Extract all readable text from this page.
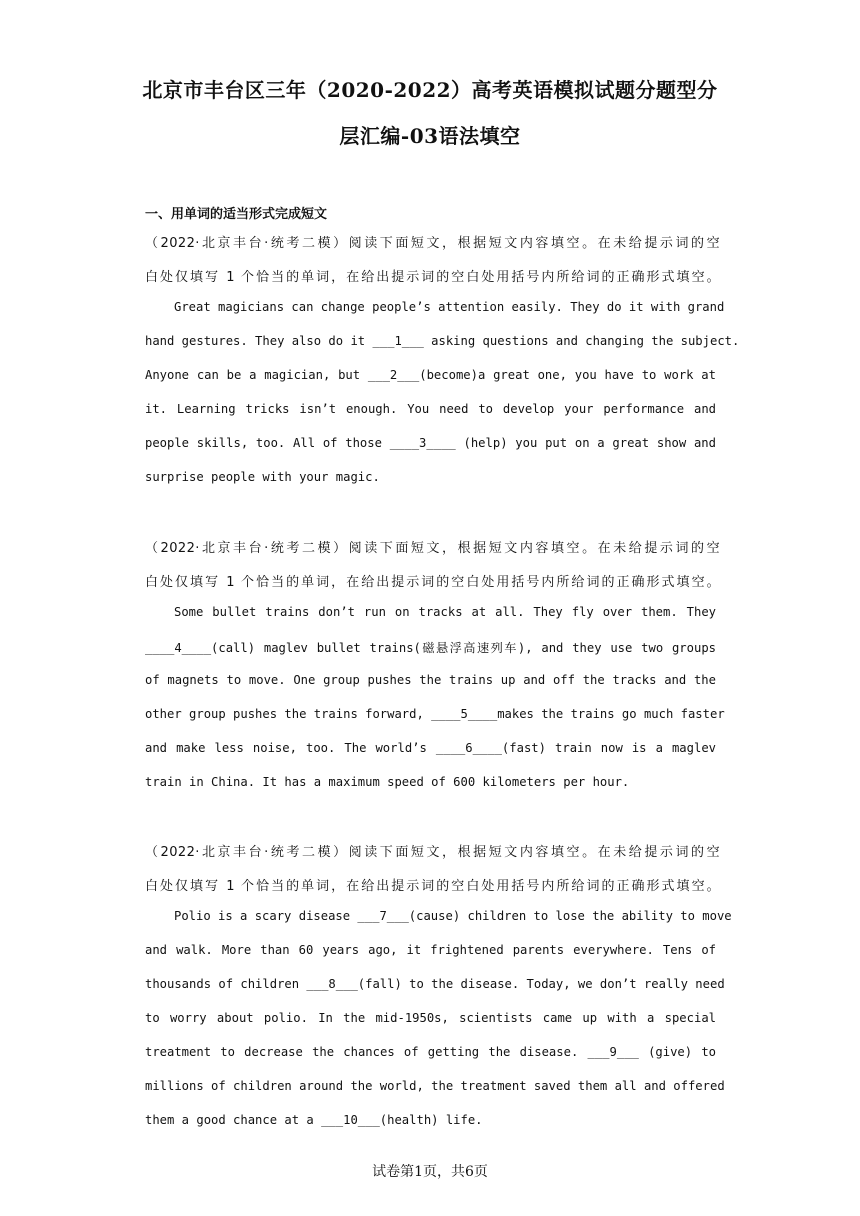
北京市丰台区三年（2020-2022）高考英语模拟试题分题型分
层汇编-03语法填空
一、用单词的适当形式完成短文
（2022·北京丰台·统考二模）阅读下面短文，根据短文内容填空。在未给提示词的空
白处仅填写 1 个恰当的单词，在给出提示词的空白处用括号内所给词的正确形式填空。
Great magicians can change people’s attention easily. They do it with grand
hand gestures. They also do it ___1___ asking questions and changing the subject.
Anyone can be a magician, but ___2___(become)a great one, you have to work at
it. Learning tricks isn’t enough. You need to develop your performance and
people skills, too. All of those ____3____ (help) you put on a great show and
surprise people with your magic.
（2022·北京丰台·统考二模）阅读下面短文，根据短文内容填空。在未给提示词的空
白处仅填写 1 个恰当的单词，在给出提示词的空白处用括号内所给词的正确形式填空。
Some bullet trains don’t run on tracks at all. They fly over them. They
____4____(call) maglev bullet trains(磁悬浮高速列车), and they use two groups
of magnets to move. One group pushes the trains up and off the tracks and the
other group pushes the trains forward, ____5____makes the trains go much faster
and make less noise, too. The world’s ____6____(fast) train now is a maglev
train in China. It has a maximum speed of 600 kilometers per hour.
（2022·北京丰台·统考二模）阅读下面短文，根据短文内容填空。在未给提示词的空
白处仅填写 1 个恰当的单词，在给出提示词的空白处用括号内所给词的正确形式填空。
Polio is a scary disease ___7___(cause) children to lose the ability to move
and walk. More than 60 years ago, it frightened parents everywhere. Tens of
thousands of children ___8___(fall) to the disease. Today, we don’t really need
to worry about polio. In the mid-1950s, scientists came up with a special
treatment to decrease the chances of getting the disease. ___9___ (give) to
millions of children around the world, the treatment saved them all and offered
them a good chance at a ___10___(health) life.
试卷第1页，共6页
